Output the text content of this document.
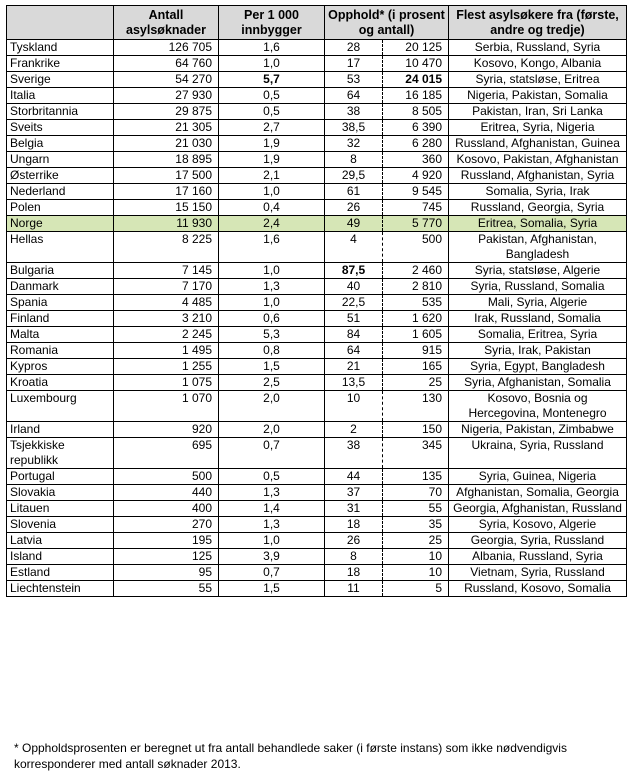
	Antall asylsøknader	Per 1 000 innbygger	Opphold* (i prosent og antall)		Flest asylsøkere fra (første, andre og tredje)
Tyskland	126 705	1,6	28	20 125	Serbia, Russland, Syria
Frankrike	64 760	1,0	17	10 470	Kosovo, Kongo, Albania
Sverige	54 270	5,7	53	24 015	Syria, statsløse, Eritrea
Italia	27 930	0,5	64	16 185	Nigeria, Pakistan, Somalia
Storbritannia	29 875	0,5	38	8 505	Pakistan, Iran, Sri Lanka
Sveits	21 305	2,7	38,5	6 390	Eritrea, Syria, Nigeria
Belgia	21 030	1,9	32	6 280	Russland, Afghanistan, Guinea
Ungarn	18 895	1,9	8	360	Kosovo, Pakistan, Afghanistan
Østerrike	17 500	2,1	29,5	4 920	Russland, Afghanistan, Syria
Nederland	17 160	1,0	61	9 545	Somalia, Syria, Irak
Polen	15 150	0,4	26	745	Russland, Georgia, Syria
Norge	11 930	2,4	49	5 770	Eritrea, Somalia, Syria
Hellas	8 225	1,6	4	500	Pakistan, Afghanistan, Bangladesh
Bulgaria	7 145	1,0	87,5	2 460	Syria, statsløse, Algerie
Danmark	7 170	1,3	40	2 810	Syria, Russland, Somalia
Spania	4 485	1,0	22,5	535	Mali, Syria, Algerie
Finland	3 210	0,6	51	1 620	Irak, Russland, Somalia
Malta	2 245	5,3	84	1 605	Somalia, Eritrea, Syria
Romania	1 495	0,8	64	915	Syria, Irak, Pakistan
Kypros	1 255	1,5	21	165	Syria, Egypt, Bangladesh
Kroatia	1 075	2,5	13,5	25	Syria, Afghanistan, Somalia
Luxembourg	1 070	2,0	10	130	Kosovo, Bosnia og Hercegovina, Montenegro
Irland	920	2,0	2	150	Nigeria, Pakistan, Zimbabwe
Tsjekkiske republikk	695	0,7	38	345	Ukraina, Syria, Russland
Portugal	500	0,5	44	135	Syria, Guinea, Nigeria
Slovakia	440	1,3	37	70	Afghanistan, Somalia, Georgia
Litauen	400	1,4	31	55	Georgia, Afghanistan, Russland
Slovenia	270	1,3	18	35	Syria, Kosovo, Algerie
Latvia	195	1,0	26	25	Georgia, Syria, Russland
Island	125	3,9	8	10	Albania, Russland, Syria
Estland	95	0,7	18	10	Vietnam, Syria, Russland
Liechtenstein	55	1,5	11	5	Russland, Kosovo, Somalia
* Oppholdsprosenten er beregnet ut fra antall behandlede saker (i første instans) som ikke nødvendigvis korresponderer med antall søknader 2013.
